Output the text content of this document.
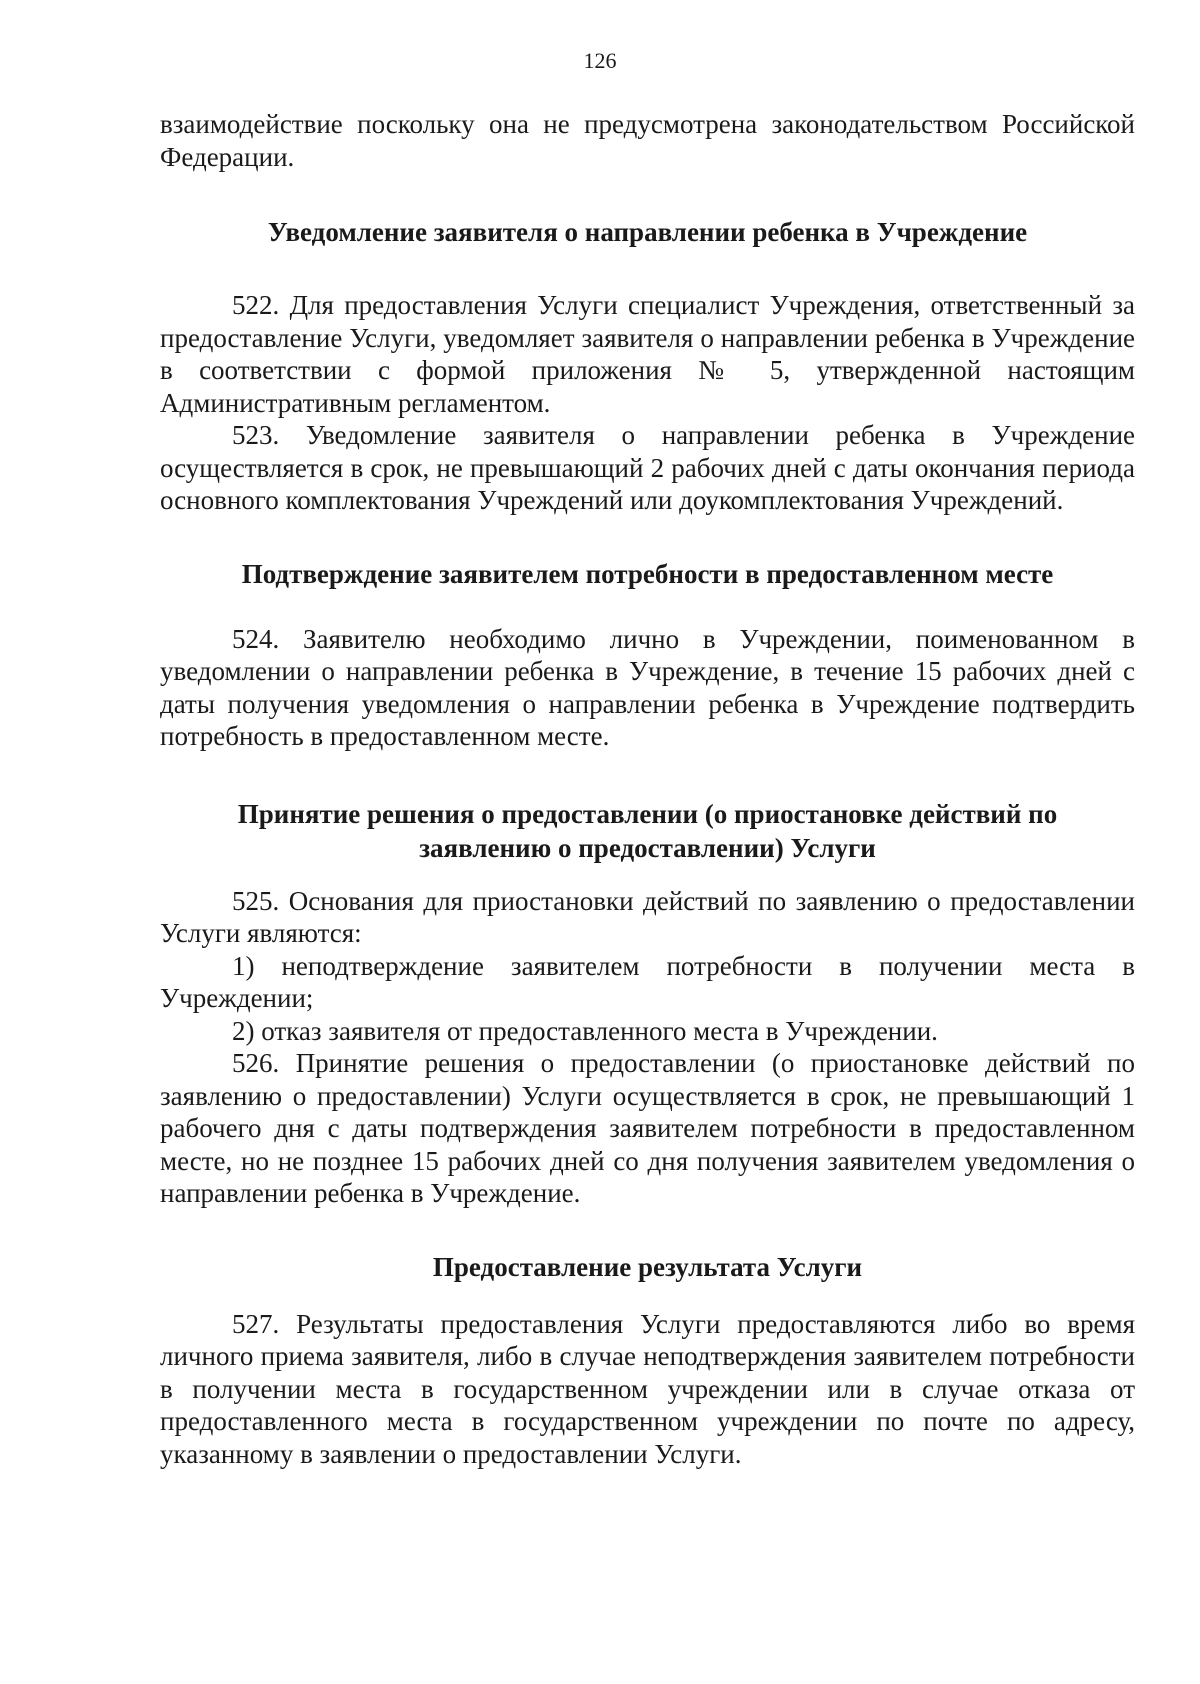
126

взаимодействие поскольку она не предусмотрена законодательством Российской Федерации.

Уведомление заявителя о направлении ребенка в Учреждение

522. Для предоставления Услуги специалист Учреждения, ответственный за предоставление Услуги, уведомляет заявителя о направлении ребенка в Учреждение в соответствии с формой приложения № 5, утвержденной настоящим Административным регламентом.

523. Уведомление заявителя о направлении ребенка в Учреждение осуществляется в срок, не превышающий 2 рабочих дней с даты окончания периода основного комплектования Учреждений или доукомплектования Учреждений.

Подтверждение заявителем потребности в предоставленном месте

524. Заявителю необходимо лично в Учреждении, поименованном в уведомлении о направлении ребенка в Учреждение, в течение 15 рабочих дней с даты получения уведомления о направлении ребенка в Учреждение подтвердить потребность в предоставленном месте.

Принятие решения о предоставлении (о приостановке действий по заявлению о предоставлении) Услуги

525. Основания для приостановки действий по заявлению о предоставлении Услуги являются:

1) неподтверждение заявителем потребности в получении места в Учреждении;

2) отказ заявителя от предоставленного места в Учреждении.

526. Принятие решения о предоставлении (о приостановке действий по заявлению о предоставлении) Услуги осуществляется в срок, не превышающий 1 рабочего дня с даты подтверждения заявителем потребности в предоставленном месте, но не позднее 15 рабочих дней со дня получения заявителем уведомления о направлении ребенка в Учреждение.

Предоставление результата Услуги

527. Результаты предоставления Услуги предоставляются либо во время личного приема заявителя, либо в случае неподтверждения заявителем потребности в получении места в государственном учреждении или в случае отказа от предоставленного места в государственном учреждении по почте по адресу, указанному в заявлении о предоставлении Услуги.
